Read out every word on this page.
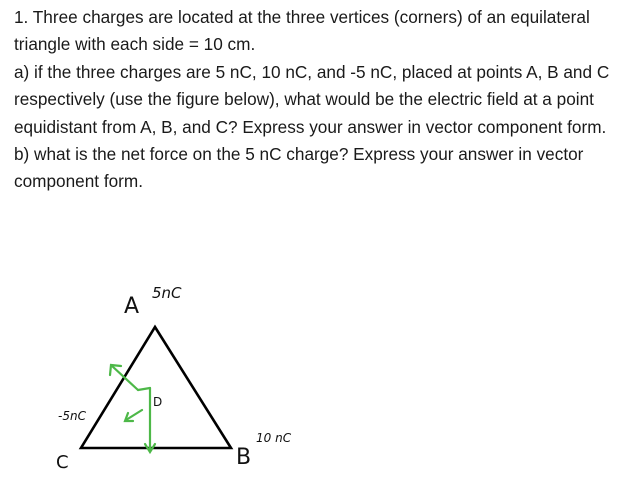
1. Three charges are located at the three vertices (corners) of an equilateral triangle with each side = 10 cm.

a) if the three charges are 5 nC, 10 nC, and -5 nC, placed at points A, B and C respectively (use the figure below), what would be the electric field at a point equidistant from A, B, and C? Express your answer in vector component form.

b) what is the net force on the 5 nC charge? Express your answer in vector component form.

A
5nC
D
-5nC
C	B
10 nC
